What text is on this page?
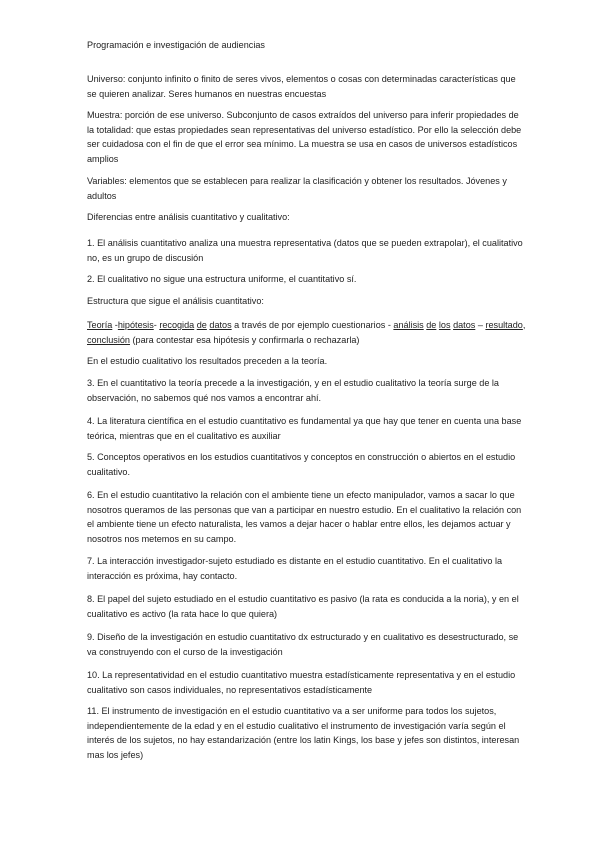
Programación e investigación de audiencias

Universo: conjunto infinito o finito de seres vivos, elementos o cosas con determinadas características que se quieren analizar. Seres humanos en nuestras encuestas

Muestra: porción de ese universo. Subconjunto de casos extraídos del universo para inferir propiedades de la totalidad: que estas propiedades sean representativas del universo estadístico. Por ello la selección debe ser cuidadosa con el fin de que el error sea mínimo. La muestra se usa en casos de universos estadísticos amplios

Variables: elementos que se establecen para realizar la clasificación y obtener los resultados. Jóvenes y adultos

Diferencias entre análisis cuantitativo y cualitativo:

1. El análisis cuantitativo analiza una muestra representativa (datos que se pueden extrapolar), el cualitativo no, es un grupo de discusión

2. El cualitativo no sigue una estructura uniforme, el cuantitativo sí.

Estructura que sigue el análisis cuantitativo:

Teoría -hipótesis- recogida de datos a través de por ejemplo cuestionarios - análisis de los datos – resultado, conclusión (para contestar esa hipótesis y confirmarla o rechazarla)

En el estudio cualitativo los resultados preceden a la teoría.

3. En el cuantitativo la teoría precede a la investigación, y en el estudio cualitativo la teoría surge de la observación, no sabemos qué nos vamos a encontrar ahí.

4. La literatura científica en el estudio cuantitativo es fundamental ya que hay que tener en cuenta una base teórica, mientras que en el cualitativo es auxiliar

5. Conceptos operativos en los estudios cuantitativos y conceptos en construcción o abiertos en el estudio cualitativo.

6. En el estudio cuantitativo la relación con el ambiente tiene un efecto manipulador, vamos a sacar lo que nosotros queramos de las personas que van a participar en nuestro estudio. En el cualitativo la relación con el ambiente tiene un efecto naturalista, les vamos a dejar hacer o hablar entre ellos, les dejamos actuar y nosotros nos metemos en su campo.

7. La interacción investigador-sujeto estudiado es distante en el estudio cuantitativo. En el cualitativo la interacción es próxima, hay contacto.

8. El papel del sujeto estudiado en el estudio cuantitativo es pasivo (la rata es conducida a la noria), y en el cualitativo es activo (la rata hace lo que quiera)

9. Diseño de la investigación en estudio cuantitativo dx estructurado y en cualitativo es desestructurado, se va construyendo con el curso de la investigación

10. La representatividad en el estudio cuantitativo muestra estadísticamente representativa y en el estudio cualitativo son casos individuales, no representativos estadísticamente

11. El instrumento de investigación en el estudio cuantitativo va a ser uniforme para todos los sujetos, independientemente de la edad y en el estudio cualitativo el instrumento de investigación varía según el interés de los sujetos, no hay estandarización (entre los latin Kings, los base y jefes son distintos, interesan mas los jefes)
